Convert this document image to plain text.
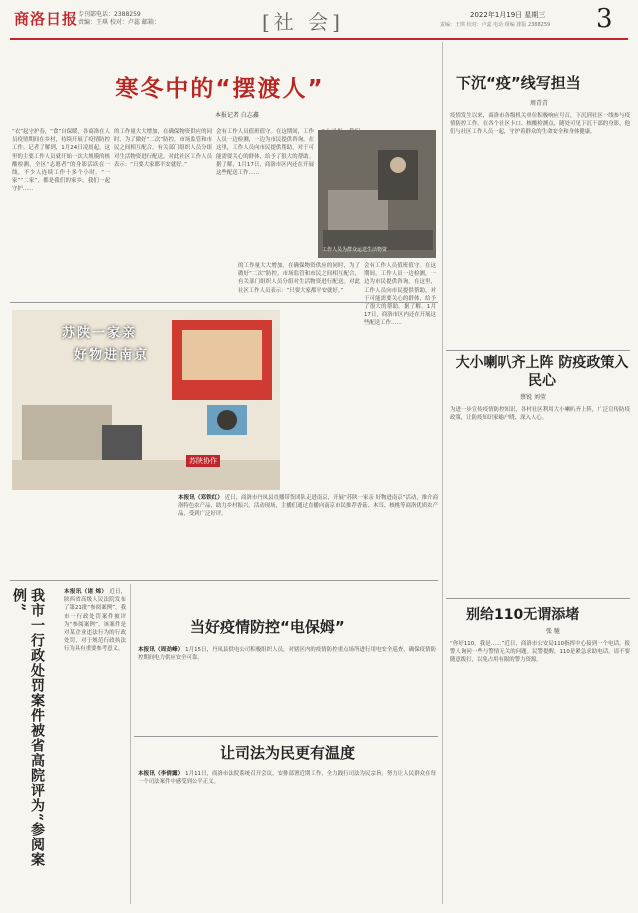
商洛日报 专刊部电话：2388259
责编：王琪 校对：卢蕊 邮箱：	[社 会]	2022年1月19日 星期三
责编：王琪 校对：卢蕊 电话 组编 排版 2388259 3
寒冬中的“摆渡人”
本报记者 白志鑫
“衣”起守护春，“食”自保暖，各商洛在人员疫情期间在乡村，持续开展了疫情防控工作。记者了解到，1月24日凌晨起，这里的主要工作人员就开始一次大规模的核酸检测，全区“志愿者”的身影活跃在一线，不少人连续工作十多个小时。“一家”“二家”，都是我们的家乡，我们一起守护……
的工作量大大增加，在确保物资供应的同时，为了做好“二次”防控，市场监管和市民之间相互配合，有关部门组织人员分组对生活物资进行配送。对此社区工作人员表示：“只要大家都平安就好。”
会有工作人员值班值守。在这期间，工作人员一边检测，一边为市民提供咨询。在这里，工作人员向市民提供帮助，对于可能需要关心的群体，给予了很大的帮助。据了解，1月17日，商洛市区内还在开展这些配送工作……
工作人员为群众运送生活物资
会有工作人员值班值守。在这期间，工作人员一边检测，一边为市民提供咨询。在这里，工作人员向市民提供帮助，对于可能需要关心的群体，给予了很大的帮助。据了解，1月17日，商洛市区内还在开展这些配送工作……
的工作量大大增加，在确保物资供应的同时，为了做好“二次”防控，市场监管和市民之间相互配合，有关部门组织人员分组对生活物资进行配送。对此社区工作人员表示：“只要大家都平安就好。”
苏陕一家亲
好物进南京
苏陕协作
本报讯（邓铁红） 近日，商洛市丹凤县直播带货团队走进南京，开展“苏陕一家亲 好物进南京”活动，推介商洛特色农产品，助力乡村振兴。活动现场，主播们通过直播向南京市民推荐香菇、木耳、核桃等商洛优质农产品，受到广泛好评。
下沉“疫”线写担当
周青青
疫情发生以来，商洛市各级机关单位积极响应号召，下沉到社区一线参与疫情防控工作。在各个社区卡口、核酸检测点，随处可见下沉干部的身影，他们与社区工作人员一起，守护着群众的生命安全和身体健康。
大小喇叭齐上阵 防疫政策入民心
蔡锐 刘莹
为进一步宣传疫情防控知识，各村社区利用大小喇叭齐上阵，广泛宣传防疫政策，让防疫知识家喻户晓、深入人心。
别给110无谓添堵
张 驰
“你好110，我是……”近日，商洛市公安局110指挥中心接到一个电话，报警人询问一些与警情无关的问题。民警提醒，110是紧急求助电话，请不要随意拨打，以免占用有限的警力资源。
我市一行政处罚案件被省高院评为“参阅案例”	本报讯（诸 烯） 近日，陕西省高级人民法院发布了第21批“参阅案例”，我市一行政处罚案件被评为“参阅案例”。该案件是对某企业违法行为的行政处罚，对于规范行政执法行为具有重要参考意义。
当好疫情防控“电保姆”
本报讯（周劲峰） 1月15日，丹凤县供电公司积极组织人员，对辖区内的疫情防控重点场所进行用电安全巡查，确保疫情防控期间电力供应安全可靠。
让司法为民更有温度
本报讯（李倩露） 1月11日，商洛市法院系统召开会议，安排部署近期工作，全力践行司法为民宗旨，努力让人民群众在每一个司法案件中感受到公平正义。
